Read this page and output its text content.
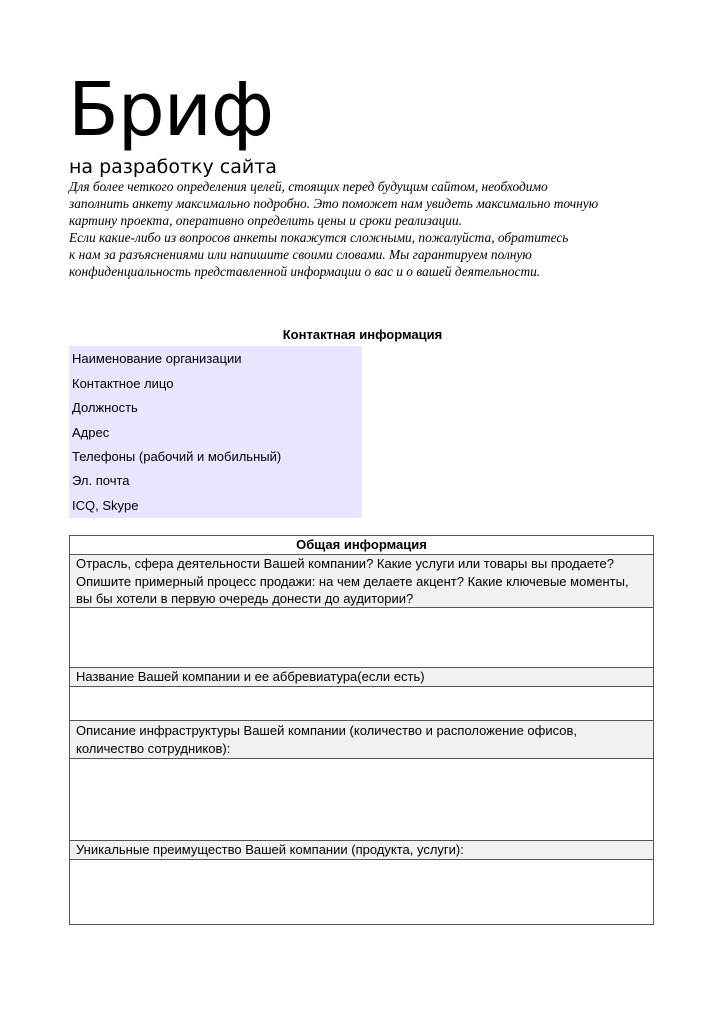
Бриф
на разработку сайта
Для более четкого определения целей, стоящих перед будущим сайтом, необходимо
заполнить анкету максимально подробно. Это поможет нам увидеть максимально точную
картину проекта, оперативно определить цены и сроки реализации.
Если какие-либо из вопросов анкеты покажутся сложными, пожалуйста, обратитесь
к нам за разъяснениями или напишите своими словами. Мы гарантируем полную
конфиденциальность представленной информации о вас и о вашей деятельности.
Контактная информация
Наименование организации
Контактное лицо
Должность
Адрес
Телефоны (рабочий и мобильный)
Эл. почта
ICQ, Skype
Общая информация
Отрасль, сфера деятельности Вашей компании? Какие услуги или товары вы продаете?
Опишите примерный процесс продажи: на чем делаете акцент? Какие ключевые моменты,
вы бы хотели в первую очередь донести до аудитории?
Название Вашей компании и ее аббревиатура(если есть)
Описание инфраструктуры Вашей компании (количество и расположение офисов,
количество сотрудников):
Уникальные преимущество Вашей компании (продукта, услуги):
